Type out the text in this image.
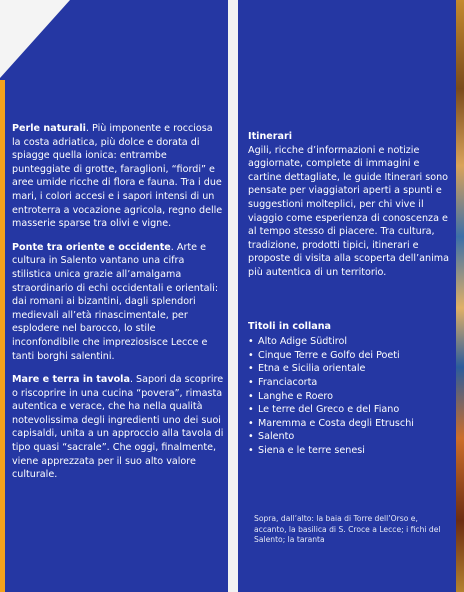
Perle naturali. Più imponente e rocciosa la costa adriatica, più dolce e dorata di spiagge quella ionica: entrambe punteggiate di grotte, faraglioni, “fiordi” e aree umide ricche di flora e fauna. Tra i due mari, i colori accesi e i sapori intensi di un entroterra a vocazione agricola, regno delle masserie sparse tra olivi e vigne.

Ponte tra oriente e occidente. Arte e cultura in Salento vantano una cifra stilistica unica grazie all’amalgama straordinario di echi occidentali e orientali: dai romani ai bizantini, dagli splendori medievali all’età rinascimentale, per esplodere nel barocco, lo stile inconfondibile che impreziosisce Lecce e tanti borghi salentini.

Mare e terra in tavola. Sapori da scoprire o riscoprire in una cucina “povera”, rimasta autentica e verace, che ha nella qualità notevolissima degli ingredienti uno dei suoi capisaldi, unita a un approccio alla tavola di tipo quasi “sacrale”. Che oggi, finalmente, viene apprezzata per il suo alto valore culturale.

Itinerari
Agili, ricche d’informazioni e notizie aggiornate, complete di immagini e cartine dettagliate, le guide Itinerari sono pensate per viaggiatori aperti a spunti e suggestioni molteplici, per chi vive il viaggio come esperienza di conoscenza e al tempo stesso di piacere. Tra cultura, tradizione, prodotti tipici, itinerari e proposte di visita alla scoperta dell’anima più autentica di un territorio.
Titoli in collana
• Alto Adige Südtirol
• Cinque Terre e Golfo dei Poeti
• Etna e Sicilia orientale
• Franciacorta
• Langhe e Roero
• Le terre del Greco e del Fiano
• Maremma e Costa degli Etruschi
• Salento
• Siena e le terre senesi
Sopra, dall’alto: la baia di Torre dell’Orso e, accanto, la basilica di S. Croce a Lecce; i fichi del Salento; la taranta
